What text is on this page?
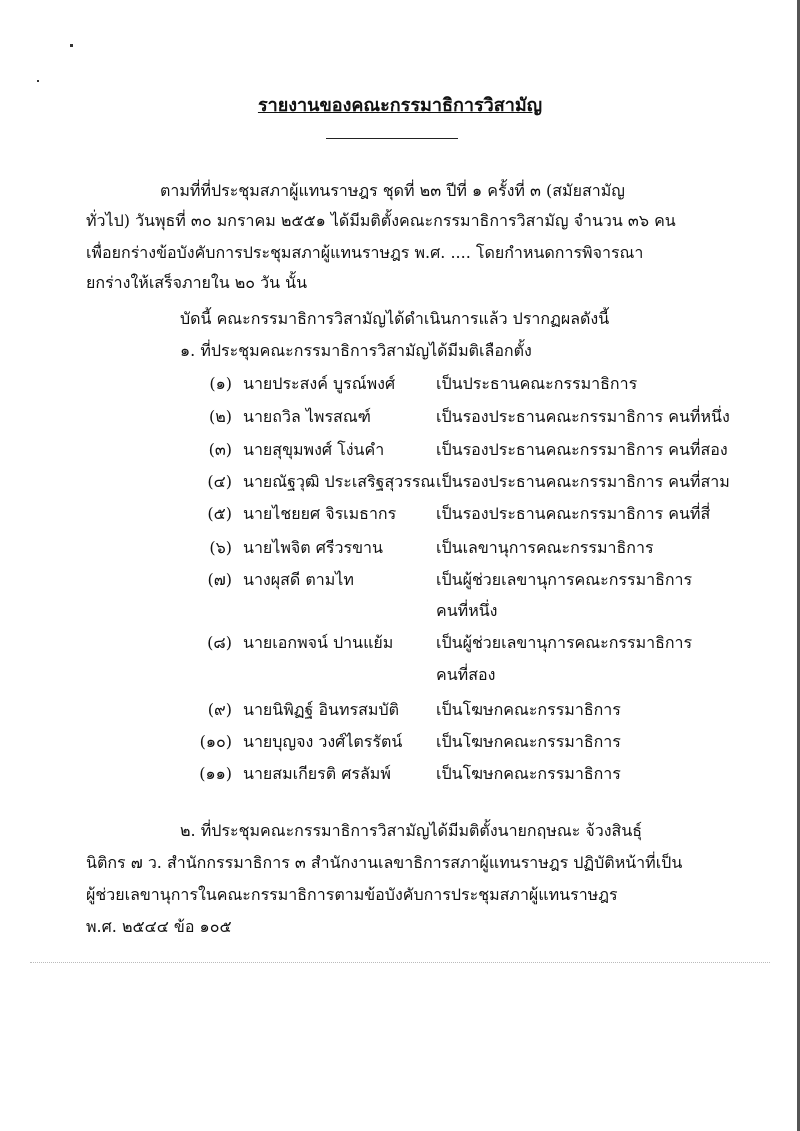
รายงานของคณะกรรมาธิการวิสามัญ
ตามที่ที่ประชุมสภาผู้แทนราษฎร ชุดที่ ๒๓ ปีที่ ๑ ครั้งที่ ๓ (สมัยสามัญ
ทั่วไป) วันพุธที่ ๓๐ มกราคม ๒๕๕๑ ได้มีมติตั้งคณะกรรมาธิการวิสามัญ จำนวน ๓๖ คน
เพื่อยกร่างข้อบังคับการประชุมสภาผู้แทนราษฎร พ.ศ. .... โดยกำหนดการพิจารณา
ยกร่างให้เสร็จภายใน ๒๐ วัน นั้น
บัดนี้ คณะกรรมาธิการวิสามัญได้ดำเนินการแล้ว ปรากฏผลดังนี้
๑. ที่ประชุมคณะกรรมาธิการวิสามัญได้มีมติเลือกตั้ง
(๑) นายประสงค์ บูรณ์พงศ์	เป็นประธานคณะกรรมาธิการ
(๒) นายถวิล ไพรสณฑ์	เป็นรองประธานคณะกรรมาธิการ คนที่หนึ่ง
(๓) นายสุขุมพงศ์ โง่นคำ	เป็นรองประธานคณะกรรมาธิการ คนที่สอง
(๔) นายณัฐวุฒิ ประเสริฐสุวรรณ เป็นรองประธานคณะกรรมาธิการ คนที่สาม
(๕) นายไชยยศ จิรเมธากร เป็นรองประธานคณะกรรมาธิการ คนที่สี่
(๖) นายไพจิต ศรีวรขาน	เป็นเลขานุการคณะกรรมาธิการ
(๗) นางผุสดี ตามไท	เป็นผู้ช่วยเลขานุการคณะกรรมาธิการ
คนที่หนึ่ง
(๘) นายเอกพจน์ ปานแย้ม	เป็นผู้ช่วยเลขานุการคณะกรรมาธิการ
คนที่สอง
(๙) นายนิพิฏฐ์ อินทรสมบัติ เป็นโฆษกคณะกรรมาธิการ
(๑๐) นายบุญจง วงศ์ไตรรัตน์ เป็นโฆษกคณะกรรมาธิการ
(๑๑) นายสมเกียรติ ศรลัมพ์	เป็นโฆษกคณะกรรมาธิการ
๒. ที่ประชุมคณะกรรมาธิการวิสามัญได้มีมติตั้งนายกฤษณะ จ้วงสินธุ์
นิติกร ๗ ว. สำนักกรรมาธิการ ๓ สำนักงานเลขาธิการสภาผู้แทนราษฎร ปฏิบัติหน้าที่เป็น
ผู้ช่วยเลขานุการในคณะกรรมาธิการตามข้อบังคับการประชุมสภาผู้แทนราษฎร
พ.ศ. ๒๕๔๔ ข้อ ๑๐๕
